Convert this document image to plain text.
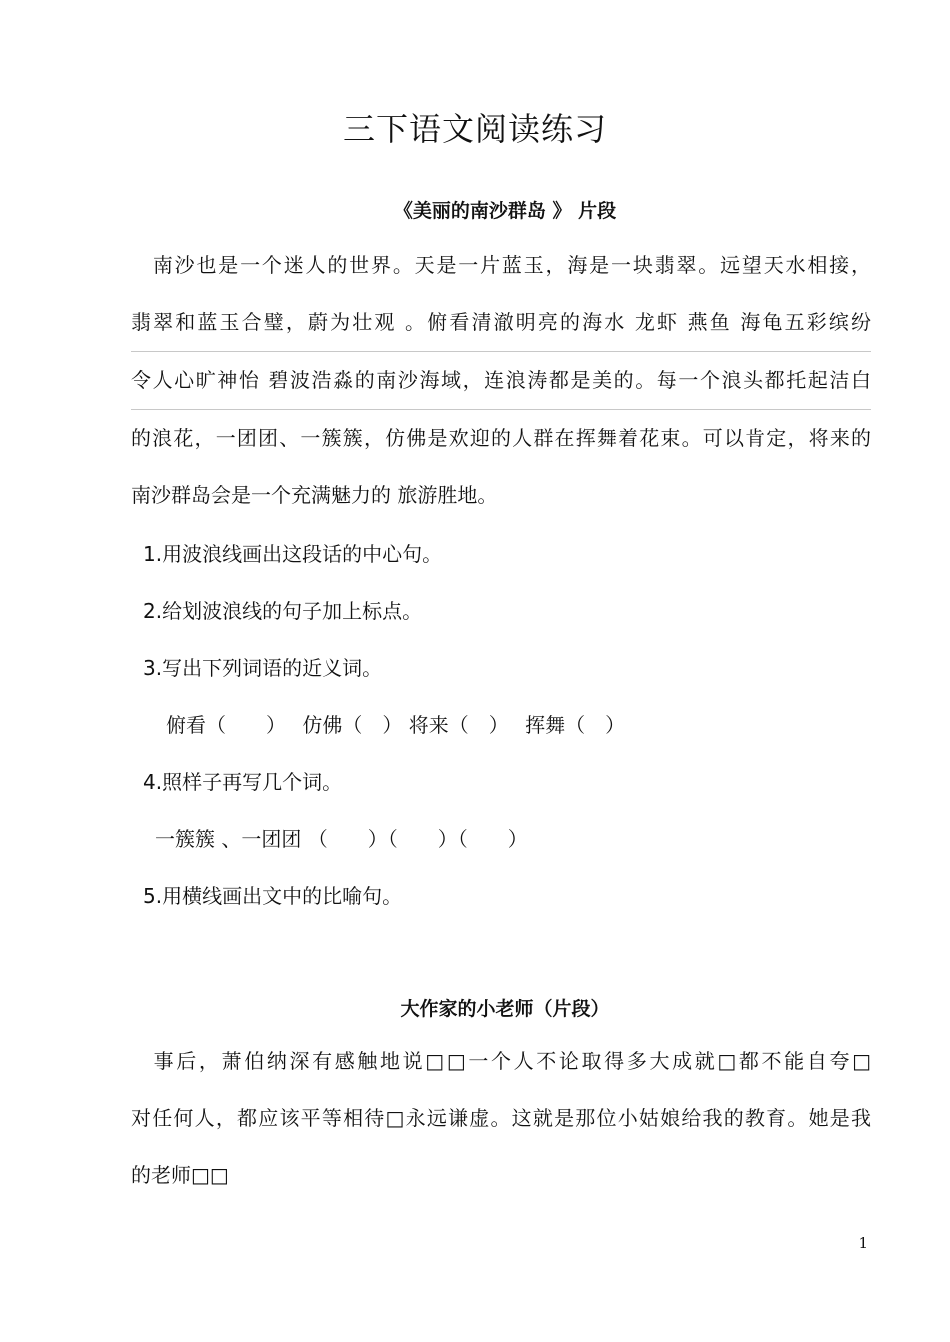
三下语文阅读练习
《美丽的南沙群岛 》 片段
　南沙也是一个迷人的世界。天是一片蓝玉，海是一块翡翠。远望天水相接，
翡翠和蓝玉合璧，蔚为壮观 。俯看清澈明亮的海水 龙虾 燕鱼 海龟五彩缤纷
令人心旷神怡 碧波浩淼的南沙海域，连浪涛都是美的。每一个浪头都托起洁白
的浪花，一团团、一簇簇，仿佛是欢迎的人群在挥舞着花束。可以肯定，将来的
南沙群岛会是一个充满魅力的 旅游胜地。
1.用波浪线画出这段话的中心句。
2.给划波浪线的句子加上标点。
3.写出下列词语的近义词。
俯看（　　）　 仿佛（　） 将来（　）　 挥舞（　）
4.照样子再写几个词。
一簇簇 、一团团 （　　）（　　）（　　）
5.用横线画出文中的比喻句。
大作家的小老师（片段）
　事后，萧伯纳深有感触地说□□一个人不论取得多大成就□都不能自夸□
对任何人，都应该平等相待□永远谦虚。这就是那位小姑娘给我的教育。她是我
的老师□□
1
